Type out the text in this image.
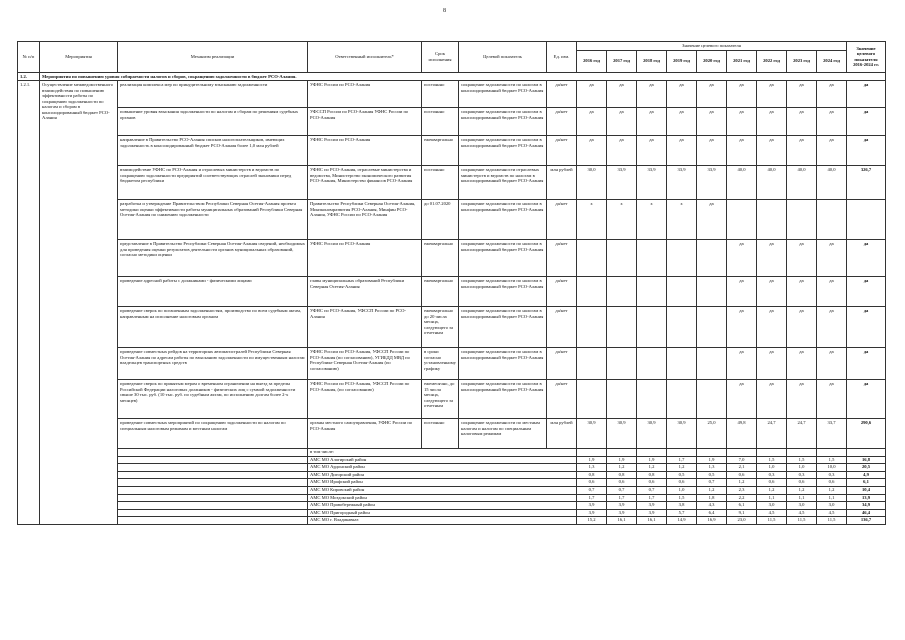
8
№ п/п	Мероприятия	Механизм реализации	Ответственный исполнитель*	Срок исполнения	Целевой показатель	Ед. изм.	Значение целевого показателя									Значение целевого показателя 2016-2024 гг.
							2016 год	2017 год	2018 год	2019 год	2020 год	2021 год	2022 год	2023 год	2024 год	
1.2.	Мероприятия по повышению уровня собираемости налогов и сборов, сокращению задолженности в бюджет РСО-Алания.															
1.2.1.	Осуществление межведомственного взаимодействия по повышению эффективности работы по сокращению задолженности по налогам и сборам в консолидированный бюджет РСО-Алания	реализация комплекса мер по принудительному взысканию задолженности	УФНС России по РСО-Алания	постоянно	сокращение задолженности по налогам в консолидированный бюджет РСО-Алания	да/нет	да	да	да	да	да	да	да	да	да	да
		повышение уровня взыскания задолженности по налогам и сборам по решениям судебных органов	УФССП России по РСО-Алания УФНС России по РСО-Алания	постоянно	сокращение задолженности по налогам в консолидированный бюджет РСО-Алания	да/нет	да	да	да	да	да	да	да	да	да	да
		направление в Правительство РСО-Алания списков налогоплательщиков, имеющих задолженность в консолидированный бюджет РСО-Алания более 1,0 млн рублей	УФНС России по РСО-Алания	ежеквартально	сокращение задолженности по налогам в консолидированный бюджет РСО-Алания	да/нет	да	да	да	да	да	да	да	да	да	да
		взаимодействие УФНС по РСО-Алания и отраслевых министерств и ведомств по сокращению задолженности предприятий соответствующих отраслей экономики перед бюджетом республики	УФНС по РСО-Алания, отраслевые министерства и ведомства, Министерство экономического развития РСО-Алания, Министерство финансов РСО-Алания	постоянно	сокращение задолженности отраслевых министерств и ведомств по налогам в консолидированный бюджет РСО-Алания	млн рублей	30,0	33,9	33,9	33,9	33,9	40,0	40,0	40,0	40,0	326,7
		разработка и утверждение Правительством Республики Северная Осетия-Алания проекта методики оценки эффективности работы муниципальных образований Республики Северная Осетия-Алания по снижению задолженности	Правительство Республики Северная Осетия-Алания, Минэкономразвития РСО-Алания, Минфин РСО-Алания, УФНС России по РСО-Алания	до 01.07.2020	сокращение задолженности по налогам в консолидированный бюджет РСО-Алания	да/нет	х	х	х	х	да					
		представление в Правительство Республики Северная Осетия-Алания сведений, необходимых для проведения оценки результатов деятельности органов муниципальных образований, согласно методики оценки	УФНС России по РСО-Алания	ежеквартально	сокращение задолженности по налогам в консолидированный бюджет РСО-Алания	да/нет						да	да	да	да	да
		проведение адресной работы с должниками - физическими лицами	главы муниципальных образований Республики Северная Осетия-Алания	ежеквартально	сокращение задолженности по налогам в консолидированный бюджет РСО-Алания	да/нет						да	да	да	да	да
		проведение сверок по погашенным задолженностям, производство по всем судебным актам, направленным на исполнение налоговым органом	УФНС по РСО-Алания, УФССП России по РСО-Алания	ежеквартально до 20 числа месяца, следующего за отчетным	сокращение задолженности по налогам в консолидированный бюджет РСО-Алания	да/нет						да	да	да	да	да
		проведение совместных рейдов на территориях автомагистралей Республики Северная Осетия-Алания по адресам работы по взысканию задолженности по имущественным налогам владельцев транспортных средств	УФНС России по РСО-Алания, УФССП России по РСО-Алания (по согласованию), УГИБДД МВД по Республике Северная Осетия-Алания (по согласованию)	в сроки согласно установленному графику	сокращение задолженности по налогам в консолидированный бюджет РСО-Алания	да/нет						да	да	да	да	да
		проведение сверок по принятым мерам о временном ограничении на выезд за пределы Российской Федерации налоговых должников - физических лиц с суммой задолженности свыше 30 тыс. руб. (10 тыс. руб. по судебным актам, по исполнению долгам более 2-х месяцев)	УФНС России по РСО-Алания, УФССП России по РСО-Алания, (по согласованию)	ежемесячно, до 15 числа месяца, следующего за отчетным	сокращение задолженности по налогам в консолидированный бюджет РСО-Алания	да/нет						да	да	да	да	да
		проведение совместных мероприятий по сокращению задолженности по налогам по специальным налоговым режимам и местным налогам	органы местного самоуправления, УФНС России по РСО-Алания	постоянно	сокращение задолженности по местным налогам и налогам по специальным налоговым режимам	млн рублей	30,9	30,9	30,9	30,9	25,0	49,8	24,7	24,7	33,7	290,6
			в том числе:													
			АМС МО Алагирский район				1,9	1,9	1,9	1,7	1,9	7,0	1,5	1,5	1,5	16,8
			АМС МО Ардонский район				1,3	1,2	1,2	1,2	1,3	2,1	1,0	1,0	10,0	20,5
			АМС МО Дигорский район				0,8	0,8	0,8	0,5	0,5	0,6	0,3	0,3	0,3	4,9
			АМС МО Ирафский район				0,6	0,6	0,6	0,6	0,7	1,2	0,6	0,6	0,6	6,1
			АМС МО Кировский район				0,7	0,7	0,7	1,0	1,2	2,3	1,2	1,2	1,2	10,4
			АМС МО Моздокский район				1,7	1,7	1,7	1,5	1,8	2,2	1,1	1,1	1,1	13,9
			АМС МО Правобережный район				3,9	3,9	3,9	3,8	4,3	6,1	3,0	3,0	3,0	34,9
			АМС МО Пригородный район				3,9	3,9	3,9	5,7	6,4	9,1	4,5	4,5	4,5	46,4
			АМС МО г. Владикавказ				15,2	16,1	16,1	14,9	16,9	23,0	11,5	11,5	11,5	136,7
